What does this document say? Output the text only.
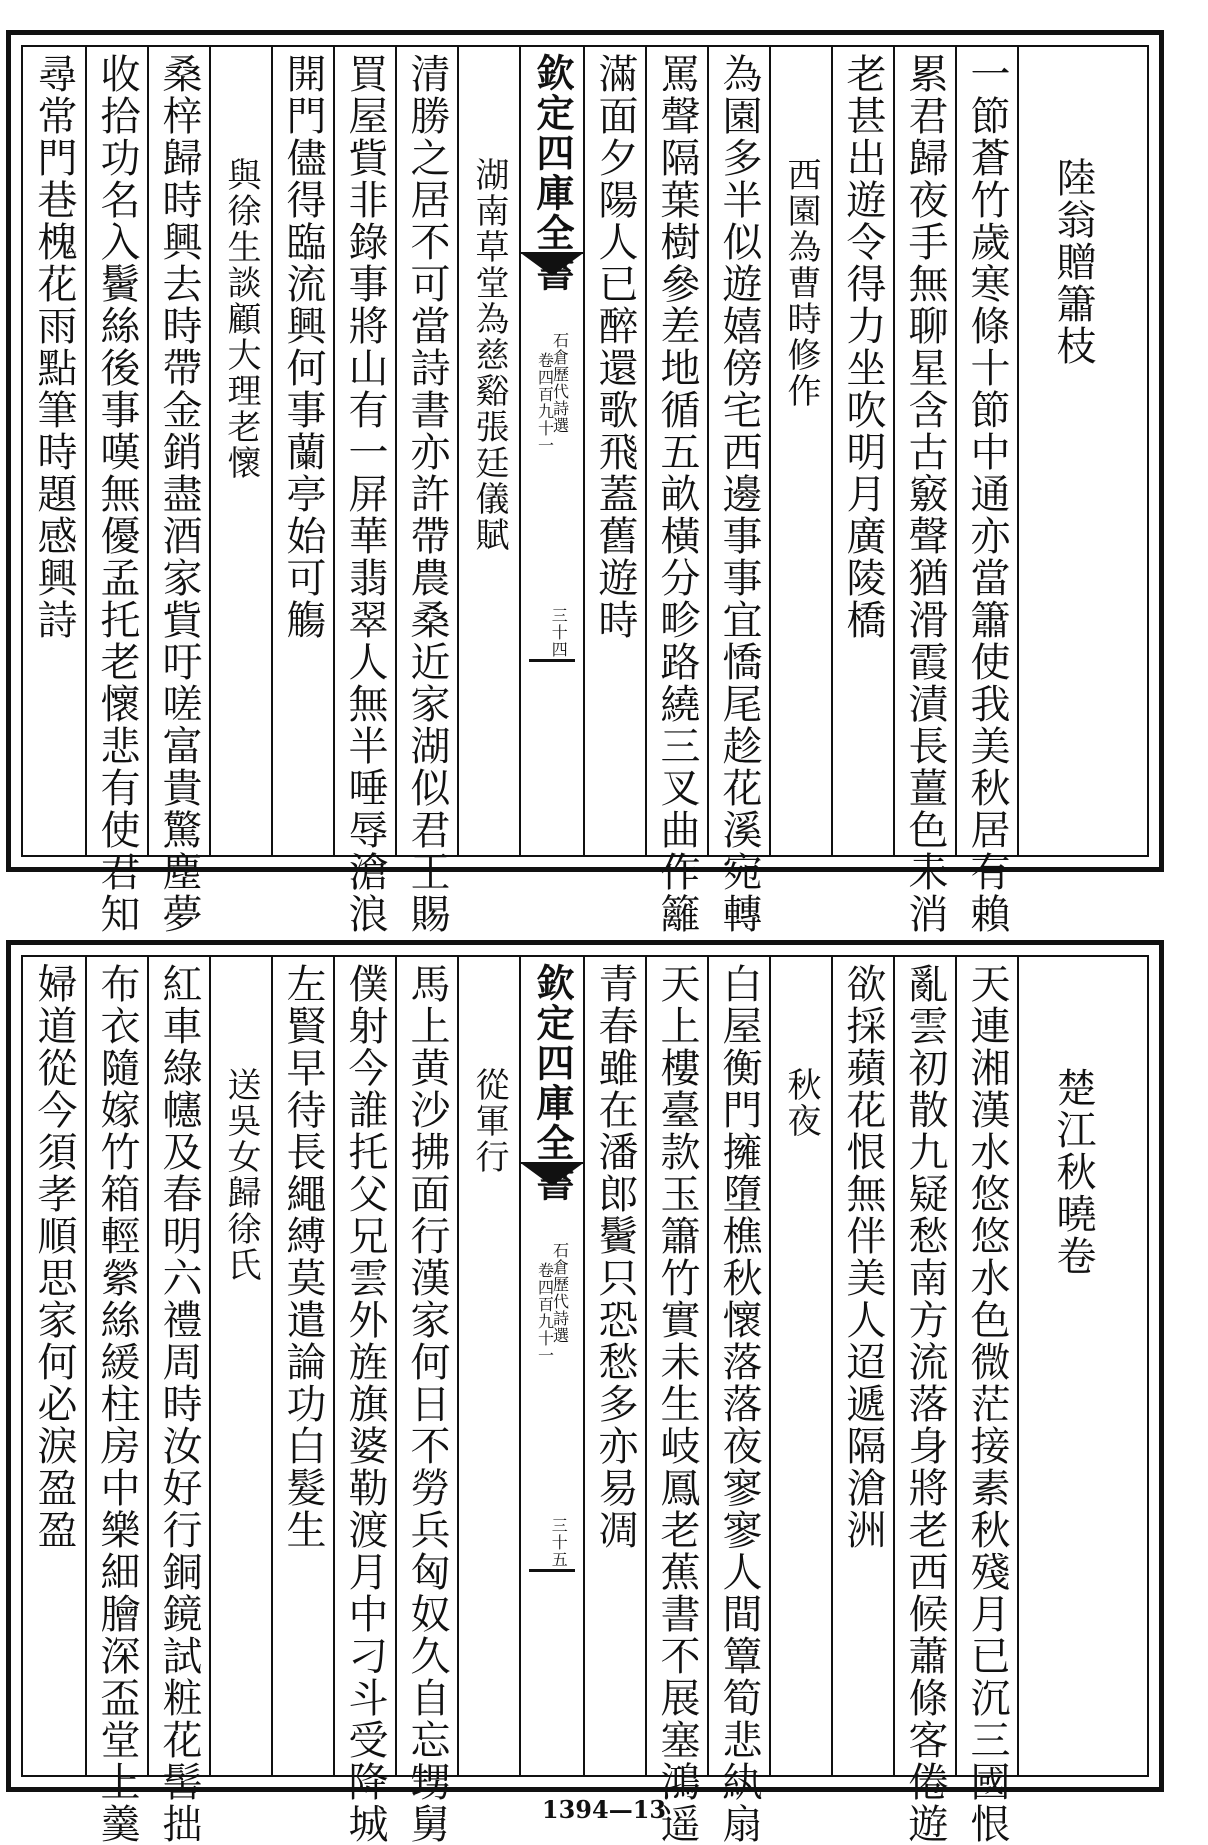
尋常門巷槐花雨點筆時題感興詩 收拾功名入鬢絲後事嘆無優孟托老懷悲有使君知 桑梓歸時興去時帶金銷盡酒家貲吁嗟富貴驚塵夢 與徐生談顧大理老懷 開門儘得臨流興何事蘭亭始可觴 買屋貲非錄事將山有一屏華翡翠人無半唾辱滄浪 清勝之居不可當詩書亦許帶農桑近家湖似君王賜 湖南草堂為慈谿張廷儀賦 欽定四庫全書
石倉歷代詩選
卷四百九十一
三十四 滿面夕陽人已醉還歌飛蓋舊遊時 罵聲隔葉樹參差地循五畝橫分畛路繞三叉曲作籬 為園多半似遊嬉傍宅西邊事事宜憍尾趁花溪宛轉 西園為曹時修作 老甚出遊令得力坐吹明月廣陵橋 累君歸夜手無聊星含古竅聲猶滑霞漬長薑色未消 一節蒼竹歲寒條十節中通亦當簫使我美秋居有賴 陸翁贈簫枝
婦道從今須孝順思家何必淚盈盈 布衣隨嫁竹箱輕縈絲緩柱房中樂細膾深盃堂上羹 紅車綠幰及春明六禮周時汝好行銅鏡試粧花髻拙 送吳女歸徐氏 左賢早待長繩縛莫遣論功白髮生 僕射今誰托父兄雲外旌旗婆勒渡月中刁斗受降城 馬上黄沙拂面行漢家何日不勞兵匈奴久自忘甥舅 從軍行 欽定四庫全書
石倉歷代詩選
卷四百九十一
三十五 青春雖在潘郎鬢只恐愁多亦易凋 天上樓臺款玉簫竹實未生岐鳳老蕉書不展塞鴻遥 白屋衡門擁墮樵秋懷落落夜寥寥人間簟筍悲紈扇 秋夜 欲採蘋花恨無伴美人迢遞隔滄洲 亂雲初散九疑愁南方流落身將老西候蕭條客倦遊 天連湘漢水悠悠水色微茫接素秋殘月已沉三國恨 楚江秋曉卷
1394—13
